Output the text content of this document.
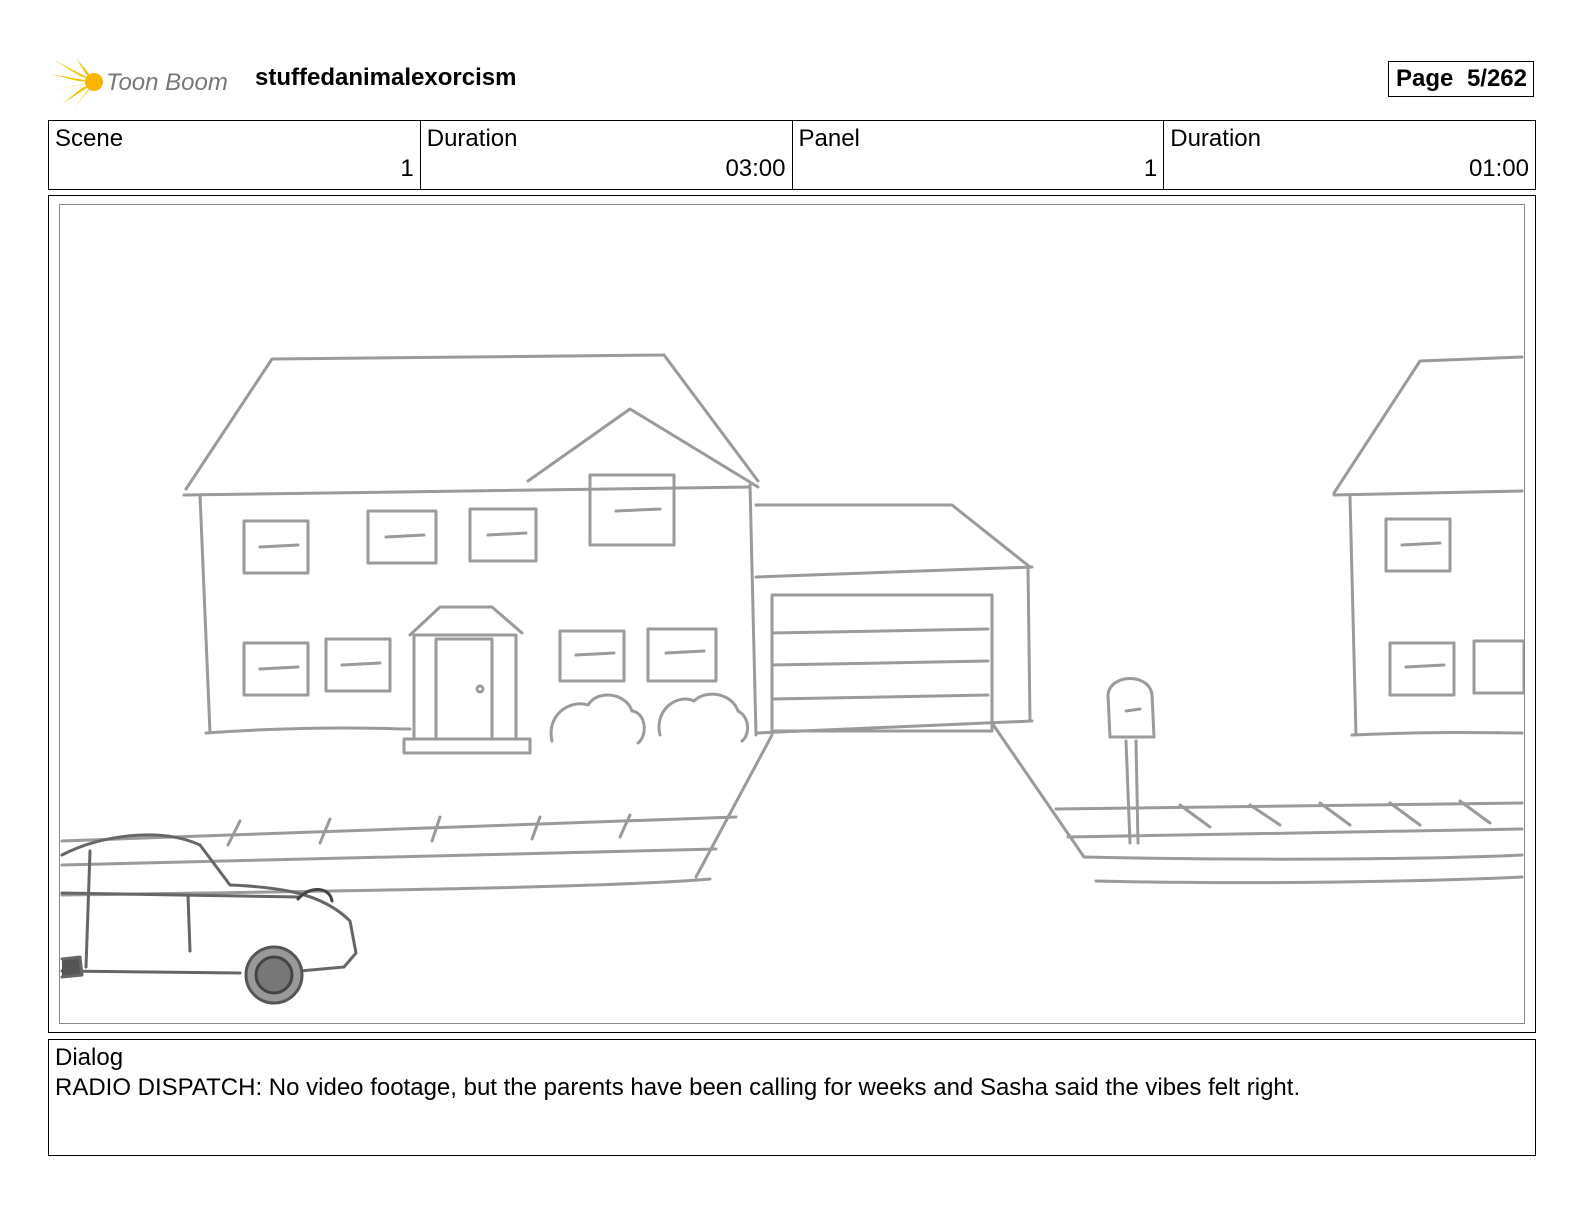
Toon Boom stuffedanimalexorcism	Page 5/262
Scene
1
Duration
03:00
Panel
1
Duration
01:00
Dialog
RADIO DISPATCH: No video footage, but the parents have been calling for weeks and Sasha said the vibes felt right.
